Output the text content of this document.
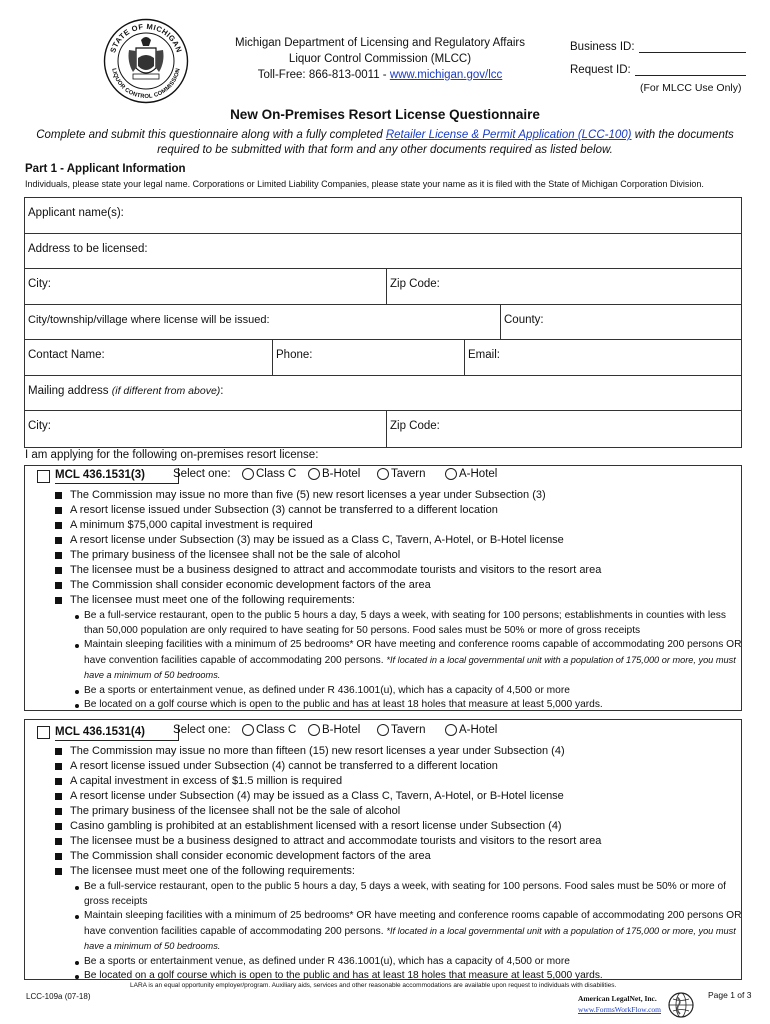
STATE OF MICHIGAN
LIQUOR CONTROL COMMISSION
Michigan Department of Licensing and Regulatory Affairs
Liquor Control Commission (MLCC)
Toll-Free: 866-813-0011 - www.michigan.gov/lcc
Business ID:
Request ID:
(For MLCC Use Only)
New On-Premises Resort License Questionnaire
Complete and submit this questionnaire along with a fully completed Retailer License & Permit Application (LCC-100) with the documents
required to be submitted with that form and any other documents required as listed below.
Part 1 - Applicant Information
Individuals, please state your legal name. Corporations or Limited Liability Companies, please state your name as it is filed with the State of Michigan Corporation Division.
Applicant name(s):
Address to be licensed:
City:	Zip Code:
City/township/village where license will be issued:	County:
Contact Name:	Phone:	Email:
Mailing address (if different from above):
City:	Zip Code:
I am applying for the following on-premises resort license:
MCL 436.1531(3)	Select one: Class C B-Hotel	Tavern	A-Hotel
The Commission may issue no more than five (5) new resort licenses a year under Subsection (3)
A resort license issued under Subsection (3) cannot be transferred to a different location
A minimum $75,000 capital investment is required
A resort license under Subsection (3) may be issued as a Class C, Tavern, A-Hotel, or B-Hotel license
The primary business of the licensee shall not be the sale of alcohol
The licensee must be a business designed to attract and accommodate tourists and visitors to the resort area
The Commission shall consider economic development factors of the area
The licensee must meet one of the following requirements:
Be a full-service restaurant, open to the public 5 hours a day, 5 days a week, with seating for 100 persons; establishments in counties with less than 50,000 population are only required to have seating for 50 persons. Food sales must be 50% or more of gross receipts
Maintain sleeping facilities with a minimum of 25 bedrooms* OR have meeting and conference rooms capable of accommodating 200 persons OR have convention facilities capable of accommodating 200 persons. *If located in a local governmental unit with a population of 175,000 or more, you must have a minimum of 50 bedrooms.
Be a sports or entertainment venue, as defined under R 436.1001(u), which has a capacity of 4,500 or more
Be located on a golf course which is open to the public and has at least 18 holes that measure at least 5,000 yards.
MCL 436.1531(4)	Select one: Class C B-Hotel	Tavern	A-Hotel
The Commission may issue no more than fifteen (15) new resort licenses a year under Subsection (4)
A resort license issued under Subsection (4) cannot be transferred to a different location
A capital investment in excess of $1.5 million is required
A resort license under Subsection (4) may be issued as a Class C, Tavern, A-Hotel, or B-Hotel license
The primary business of the licensee shall not be the sale of alcohol
Casino gambling is prohibited at an establishment licensed with a resort license under Subsection (4)
The licensee must be a business designed to attract and accommodate tourists and visitors to the resort area
The Commission shall consider economic development factors of the area
The licensee must meet one of the following requirements:
Be a full-service restaurant, open to the public 5 hours a day, 5 days a week, with seating for 100 persons. Food sales must be 50% or more of gross receipts
Maintain sleeping facilities with a minimum of 25 bedrooms* OR have meeting and conference rooms capable of accommodating 200 persons OR have convention facilities capable of accommodating 200 persons. *If located in a local governmental unit with a population of 175,000 or more, you must have a minimum of 50 bedrooms.
Be a sports or entertainment venue, as defined under R 436.1001(u), which has a capacity of 4,500 or more
Be located on a golf course which is open to the public and has at least 18 holes that measure at least 5,000 yards.
LARA is an equal opportunity employer/program. Auxiliary aids, services and other reasonable accommodations are available upon request to individuals with disabilities.
LCC-109a (07-18)	American LegalNet, Inc.
www.FormsWorkFlow.com
Page 1 of 3
